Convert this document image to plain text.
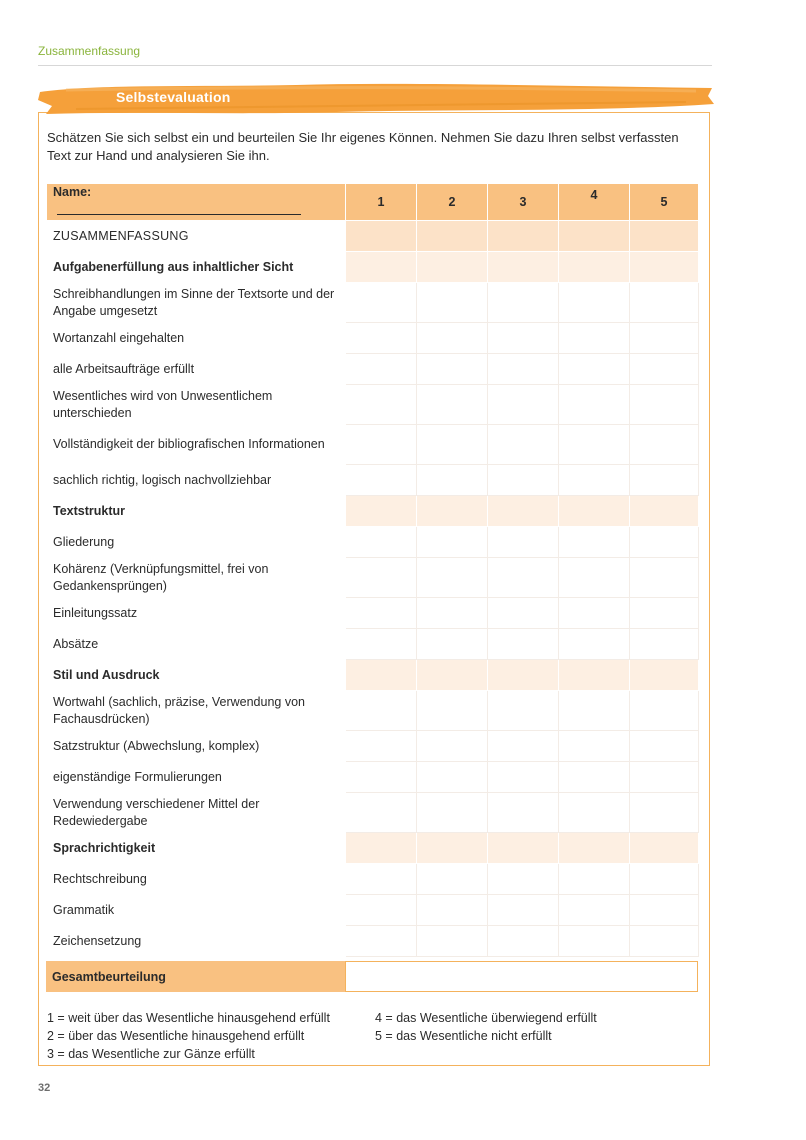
Zusammenfassung
Selbstevaluation
Schätzen Sie sich selbst ein und beurteilen Sie Ihr eigenes Können. Nehmen Sie dazu Ihren selbst verfassten Text zur Hand und analysieren Sie ihn.
Name:	1	2	3	4	5
ZUSAMMENFASSUNG					
Aufgabenerfüllung aus inhaltlicher Sicht					
Schreibhandlungen im Sinne der Textsorte und der Angabe umgesetzt					
Wortanzahl eingehalten					
alle Arbeitsaufträge erfüllt					
Wesentliches wird von Unwesentlichem unterschieden					
Vollständigkeit der bibliografischen Informationen					
sachlich richtig, logisch nachvollziehbar					
Textstruktur					
Gliederung					
Kohärenz (Verknüpfungsmittel, frei von Gedankensprüngen)					
Einleitungssatz					
Absätze					
Stil und Ausdruck					
Wortwahl (sachlich, präzise, Verwendung von Fachausdrücken)					
Satzstruktur (Abwechslung, komplex)					
eigenständige Formulierungen					
Verwendung verschiedener Mittel der Redewiedergabe					
Sprachrichtigkeit					
Rechtschreibung					
Grammatik					
Zeichensetzung					
Gesamtbeurteilung
1 = weit über das Wesentliche hinausgehend erfüllt
2 = über das Wesentliche hinausgehend erfüllt
3 = das Wesentliche zur Gänze erfüllt
4 = das Wesentliche überwiegend erfüllt
5 = das Wesentliche nicht erfüllt
32
